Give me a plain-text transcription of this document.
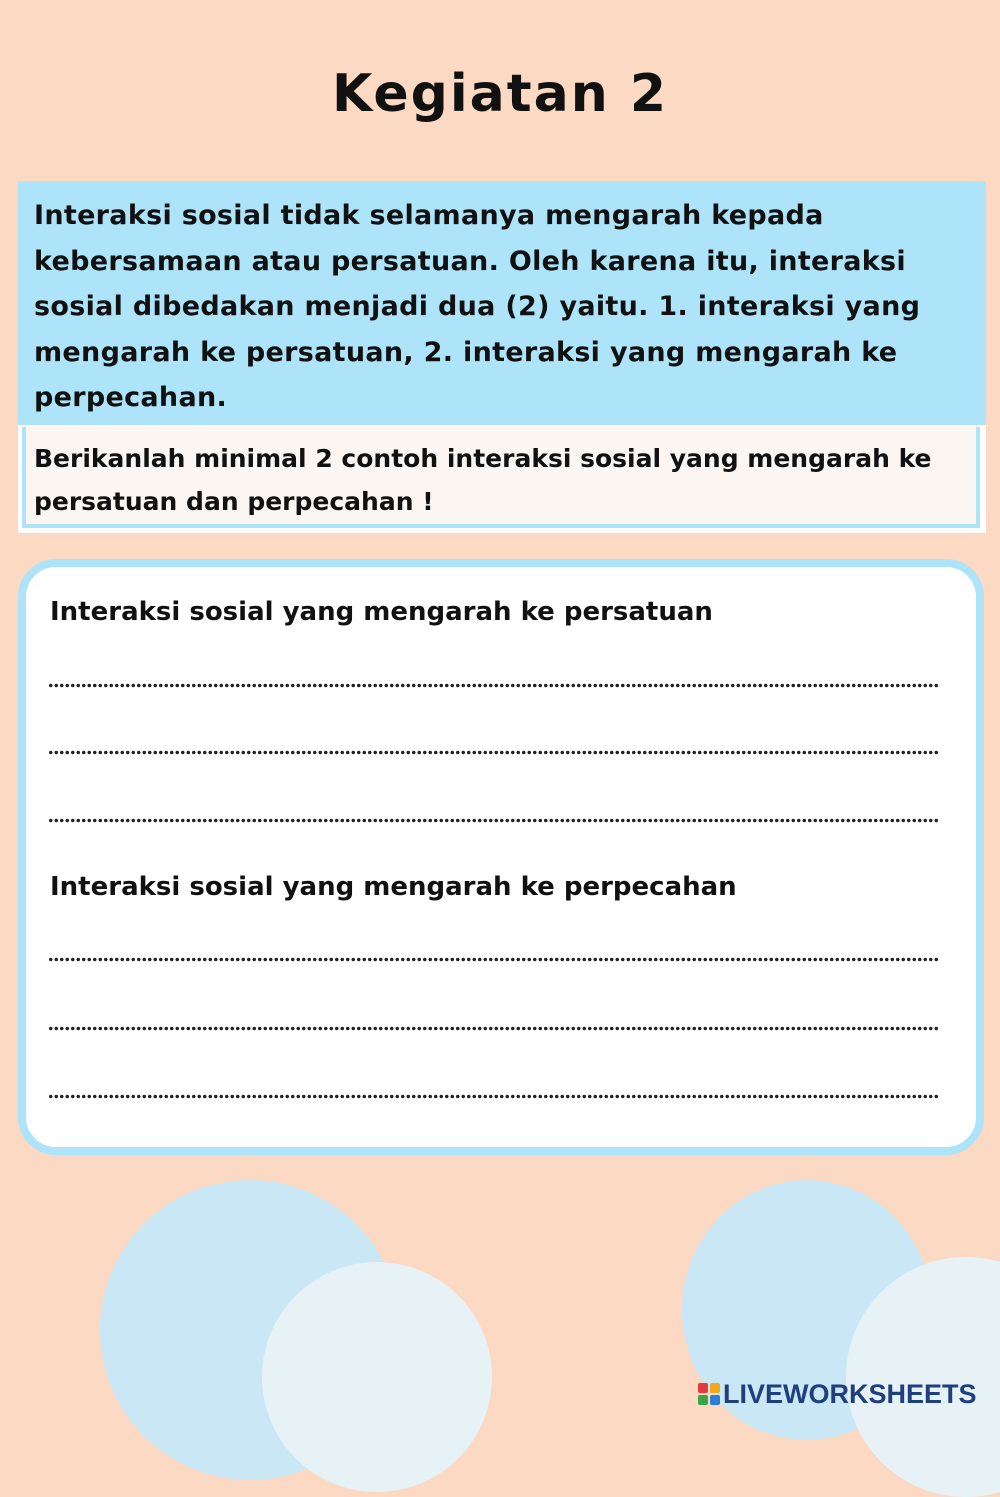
Kegiatan 2
Interaksi sosial tidak selamanya mengarah kepada kebersamaan atau persatuan. Oleh karena itu, interaksi sosial dibedakan menjadi dua (2) yaitu. 1. interaksi yang mengarah ke persatuan, 2. interaksi yang mengarah ke perpecahan.
Berikanlah minimal 2 contoh interaksi sosial yang mengarah ke persatuan dan perpecahan !
Interaksi sosial yang mengarah ke persatuan
Interaksi sosial yang mengarah ke perpecahan
LIVEWORKSHEETS
